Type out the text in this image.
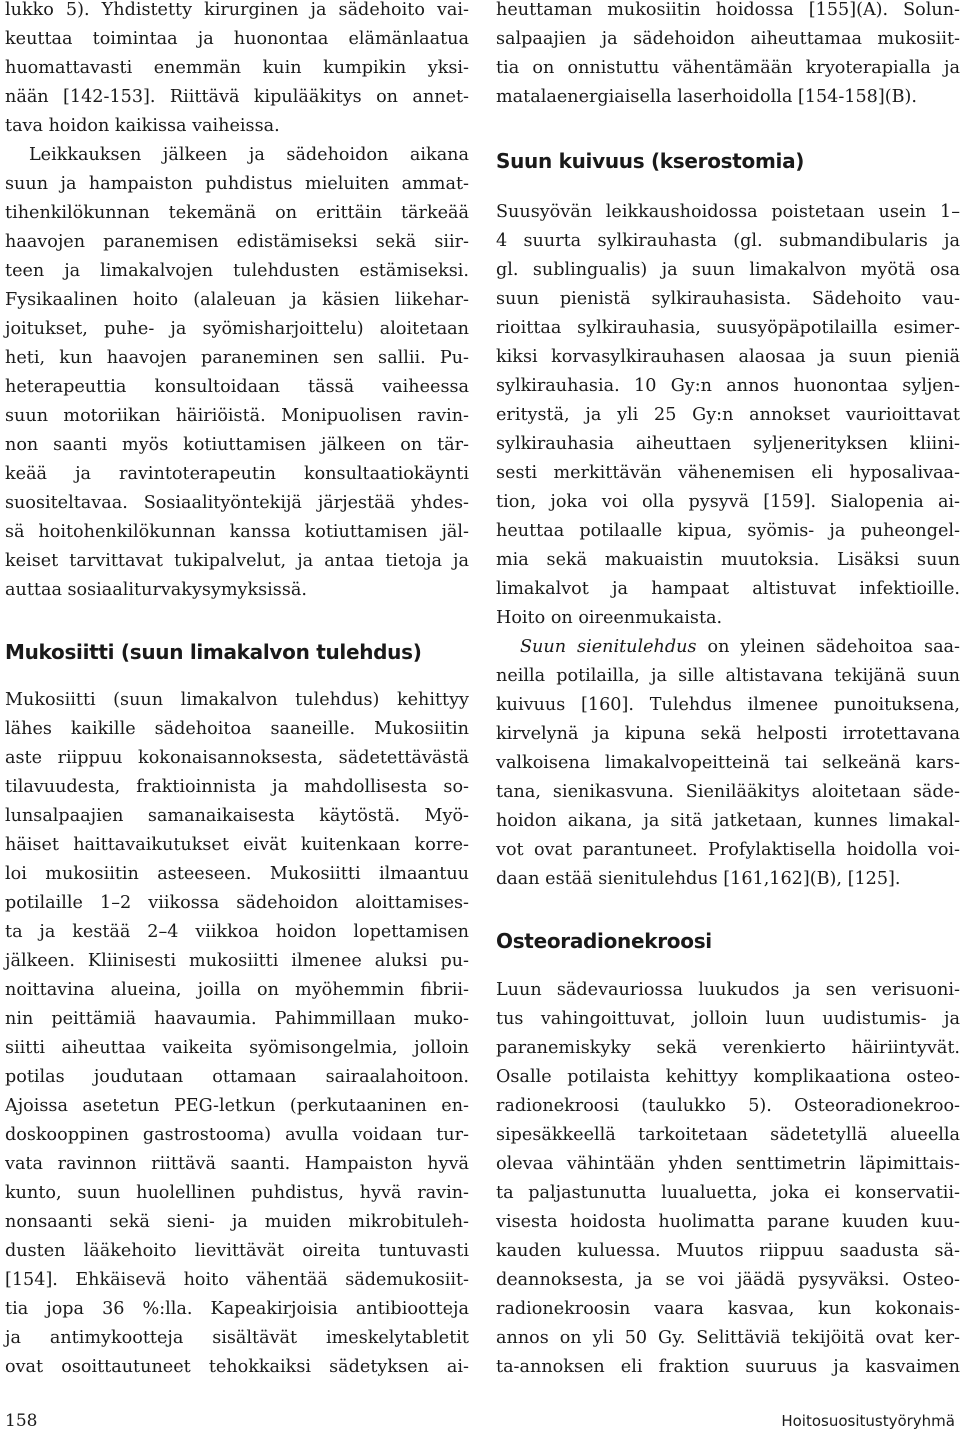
lukko 5). Yhdistetty kirurginen ja sädehoito vai-
keuttaa toimintaa ja huonontaa elämänlaatua
huomattavasti enemmän kuin kumpikin yksi-
nään [142-153]. Riittävä kipulääkitys on annet-
tava hoidon kaikissa vaiheissa.
Leikkauksen jälkeen ja sädehoidon aikana
suun ja hampaiston puhdistus mieluiten ammat-
tihenkilökunnan tekemänä on erittäin tärkeää
haavojen paranemisen edistämiseksi sekä siir-
teen ja limakalvojen tulehdusten estämiseksi.
Fysikaalinen hoito (alaleuan ja käsien liikehar-
joitukset, puhe- ja syömisharjoittelu) aloitetaan
heti, kun haavojen paraneminen sen sallii. Pu-
heterapeuttia konsultoidaan tässä vaiheessa
suun motoriikan häiriöistä. Monipuolisen ravin-
non saanti myös kotiuttamisen jälkeen on tär-
keää ja ravintoterapeutin konsultaatiokäynti
suositeltavaa. Sosiaalityöntekijä järjestää yhdes-
sä hoitohenkilökunnan kanssa kotiuttamisen jäl-
keiset tarvittavat tukipalvelut, ja antaa tietoja ja
auttaa sosiaaliturvakysymyksissä.
Mukosiitti (suun limakalvon tulehdus)
Mukosiitti (suun limakalvon tulehdus) kehittyy
lähes kaikille sädehoitoa saaneille. Mukosiitin
aste riippuu kokonaisannoksesta, sädetettävästä
tilavuudesta, fraktioinnista ja mahdollisesta so-
lunsalpaajien samanaikaisesta käytöstä. Myö-
häiset haittavaikutukset eivät kuitenkaan korre-
loi mukosiitin asteeseen. Mukosiitti ilmaantuu
potilaille 1–2 viikossa sädehoidon aloittamises-
ta ja kestää 2–4 viikkoa hoidon lopettamisen
jälkeen. Kliinisesti mukosiitti ilmenee aluksi pu-
noittavina alueina, joilla on myöhemmin fibrii-
nin peittämiä haavaumia. Pahimmillaan muko-
siitti aiheuttaa vaikeita syömisongelmia, jolloin
potilas joudutaan ottamaan sairaalahoitoon.
Ajoissa asetetun PEG-letkun (perkutaaninen en-
doskooppinen gastrostooma) avulla voidaan tur-
vata ravinnon riittävä saanti. Hampaiston hyvä
kunto, suun huolellinen puhdistus, hyvä ravin-
nonsaanti sekä sieni- ja muiden mikrobituleh-
dusten lääkehoito lievittävät oireita tuntuvasti
[154]. Ehkäisevä hoito vähentää sädemukosiit-
tia jopa 36 %:lla. Kapeakirjoisia antibiootteja
ja antimykootteja sisältävät imeskelytabletit
ovat osoittautuneet tehokkaiksi sädetyksen ai-
heuttaman mukosiitin hoidossa [155](A). Solun-
salpaajien ja sädehoidon aiheuttamaa mukosiit-
tia on onnistuttu vähentämään kryoterapialla ja
matalaenergiaisella laserhoidolla [154-158](B).
Suun kuivuus (kserostomia)
Suusyövän leikkaushoidossa poistetaan usein 1–
4 suurta sylkirauhasta (gl. submandibularis ja
gl. sublingualis) ja suun limakalvon myötä osa
suun pienistä sylkirauhasista. Sädehoito vau-
rioittaa sylkirauhasia, suusyöpäpotilailla esimer-
kiksi korvasylkirauhasen alaosaa ja suun pieniä
sylkirauhasia. 10 Gy:n annos huonontaa syljen-
eritystä, ja yli 25 Gy:n annokset vaurioittavat
sylkirauhasia aiheuttaen syljenerityksen kliini-
sesti merkittävän vähenemisen eli hyposalivaa-
tion, joka voi olla pysyvä [159]. Sialopenia ai-
heuttaa potilaalle kipua, syömis- ja puheongel-
mia sekä makuaistin muutoksia. Lisäksi suun
limakalvot ja hampaat altistuvat infektioille.
Hoito on oireenmukaista.
Suun sienitulehdus on yleinen sädehoitoa saa-
neilla potilailla, ja sille altistavana tekijänä suun
kuivuus [160]. Tulehdus ilmenee punoituksena,
kirvelynä ja kipuna sekä helposti irrotettavana
valkoisena limakalvopeitteinä tai selkeänä kars-
tana, sienikasvuna. Sienilääkitys aloitetaan säde-
hoidon aikana, ja sitä jatketaan, kunnes limakal-
vot ovat parantuneet. Profylaktisella hoidolla voi-
daan estää sienitulehdus [161,162](B), [125].
Osteoradionekroosi
Luun sädevauriossa luukudos ja sen verisuoni-
tus vahingoittuvat, jolloin luun uudistumis- ja
paranemiskyky sekä verenkierto häiriintyvät.
Osalle potilaista kehittyy komplikaationa osteo-
radionekroosi (taulukko 5). Osteoradionekroo-
sipesäkkeellä tarkoitetaan sädetetyllä alueella
olevaa vähintään yhden senttimetrin läpimittais-
ta paljastunutta luualuetta, joka ei konservatii-
visesta hoidosta huolimatta parane kuuden kuu-
kauden kuluessa. Muutos riippuu saadusta sä-
deannoksesta, ja se voi jäädä pysyväksi. Osteo-
radionekroosin vaara kasvaa, kun kokonais-
annos on yli 50 Gy. Selittäviä tekijöitä ovat ker-
ta-annoksen eli fraktion suuruus ja kasvaimen
158	Hoitosuositustyöryhmä
